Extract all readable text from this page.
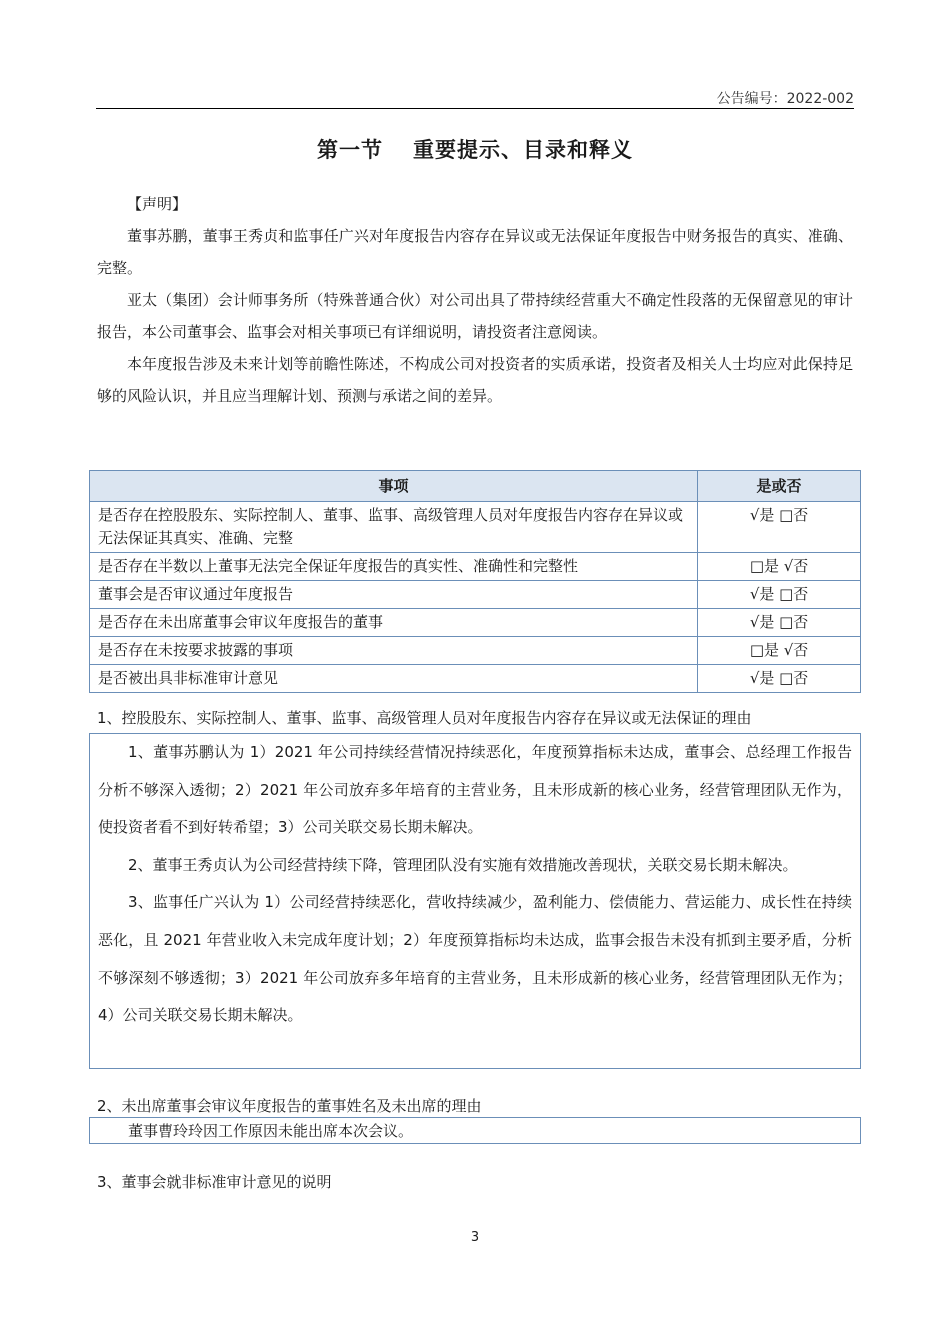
公告编号：2022-002
第一节 重要提示、目录和释义

【声明】

董事苏鹏，董事王秀贞和监事任广兴对年度报告内容存在异议或无法保证年度报告中财务报告的真实、准确、完整。

亚太（集团）会计师事务所（特殊普通合伙）对公司出具了带持续经营重大不确定性段落的无保留意见的审计报告，本公司董事会、监事会对相关事项已有详细说明，请投资者注意阅读。

本年度报告涉及未来计划等前瞻性陈述，不构成公司对投资者的实质承诺，投资者及相关人士均应对此保持足够的风险认识，并且应当理解计划、预测与承诺之间的差异。

事项	是或否
是否存在控股股东、实际控制人、董事、监事、高级管理人员对年度报告内容存在异议或无法保证其真实、准确、完整	√是 □否
是否存在半数以上董事无法完全保证年度报告的真实性、准确性和完整性	□是 √否
董事会是否审议通过年度报告	√是 □否
是否存在未出席董事会审议年度报告的董事	√是 □否
是否存在未按要求披露的事项	□是 √否
是否被出具非标准审计意见	√是 □否
1、控股股东、实际控制人、董事、监事、高级管理人员对年度报告内容存在异议或无法保证的理由

1、董事苏鹏认为 1）2021 年公司持续经营情况持续恶化，年度预算指标未达成，董事会、总经理工作报告分析不够深入透彻；2）2021 年公司放弃多年培育的主营业务，且未形成新的核心业务，经营管理团队无作为，使投资者看不到好转希望；3）公司关联交易长期未解决。

2、董事王秀贞认为公司经营持续下降，管理团队没有实施有效措施改善现状，关联交易长期未解决。

3、监事任广兴认为 1）公司经营持续恶化，营收持续减少，盈利能力、偿债能力、营运能力、成长性在持续恶化，且 2021 年营业收入未完成年度计划；2）年度预算指标均未达成，监事会报告未没有抓到主要矛盾，分析不够深刻不够透彻；3）2021 年公司放弃多年培育的主营业务，且未形成新的核心业务，经营管理团队无作为；4）公司关联交易长期未解决。

2、未出席董事会审议年度报告的董事姓名及未出席的理由

董事曹玲玲因工作原因未能出席本次会议。

3、董事会就非标准审计意见的说明
3
